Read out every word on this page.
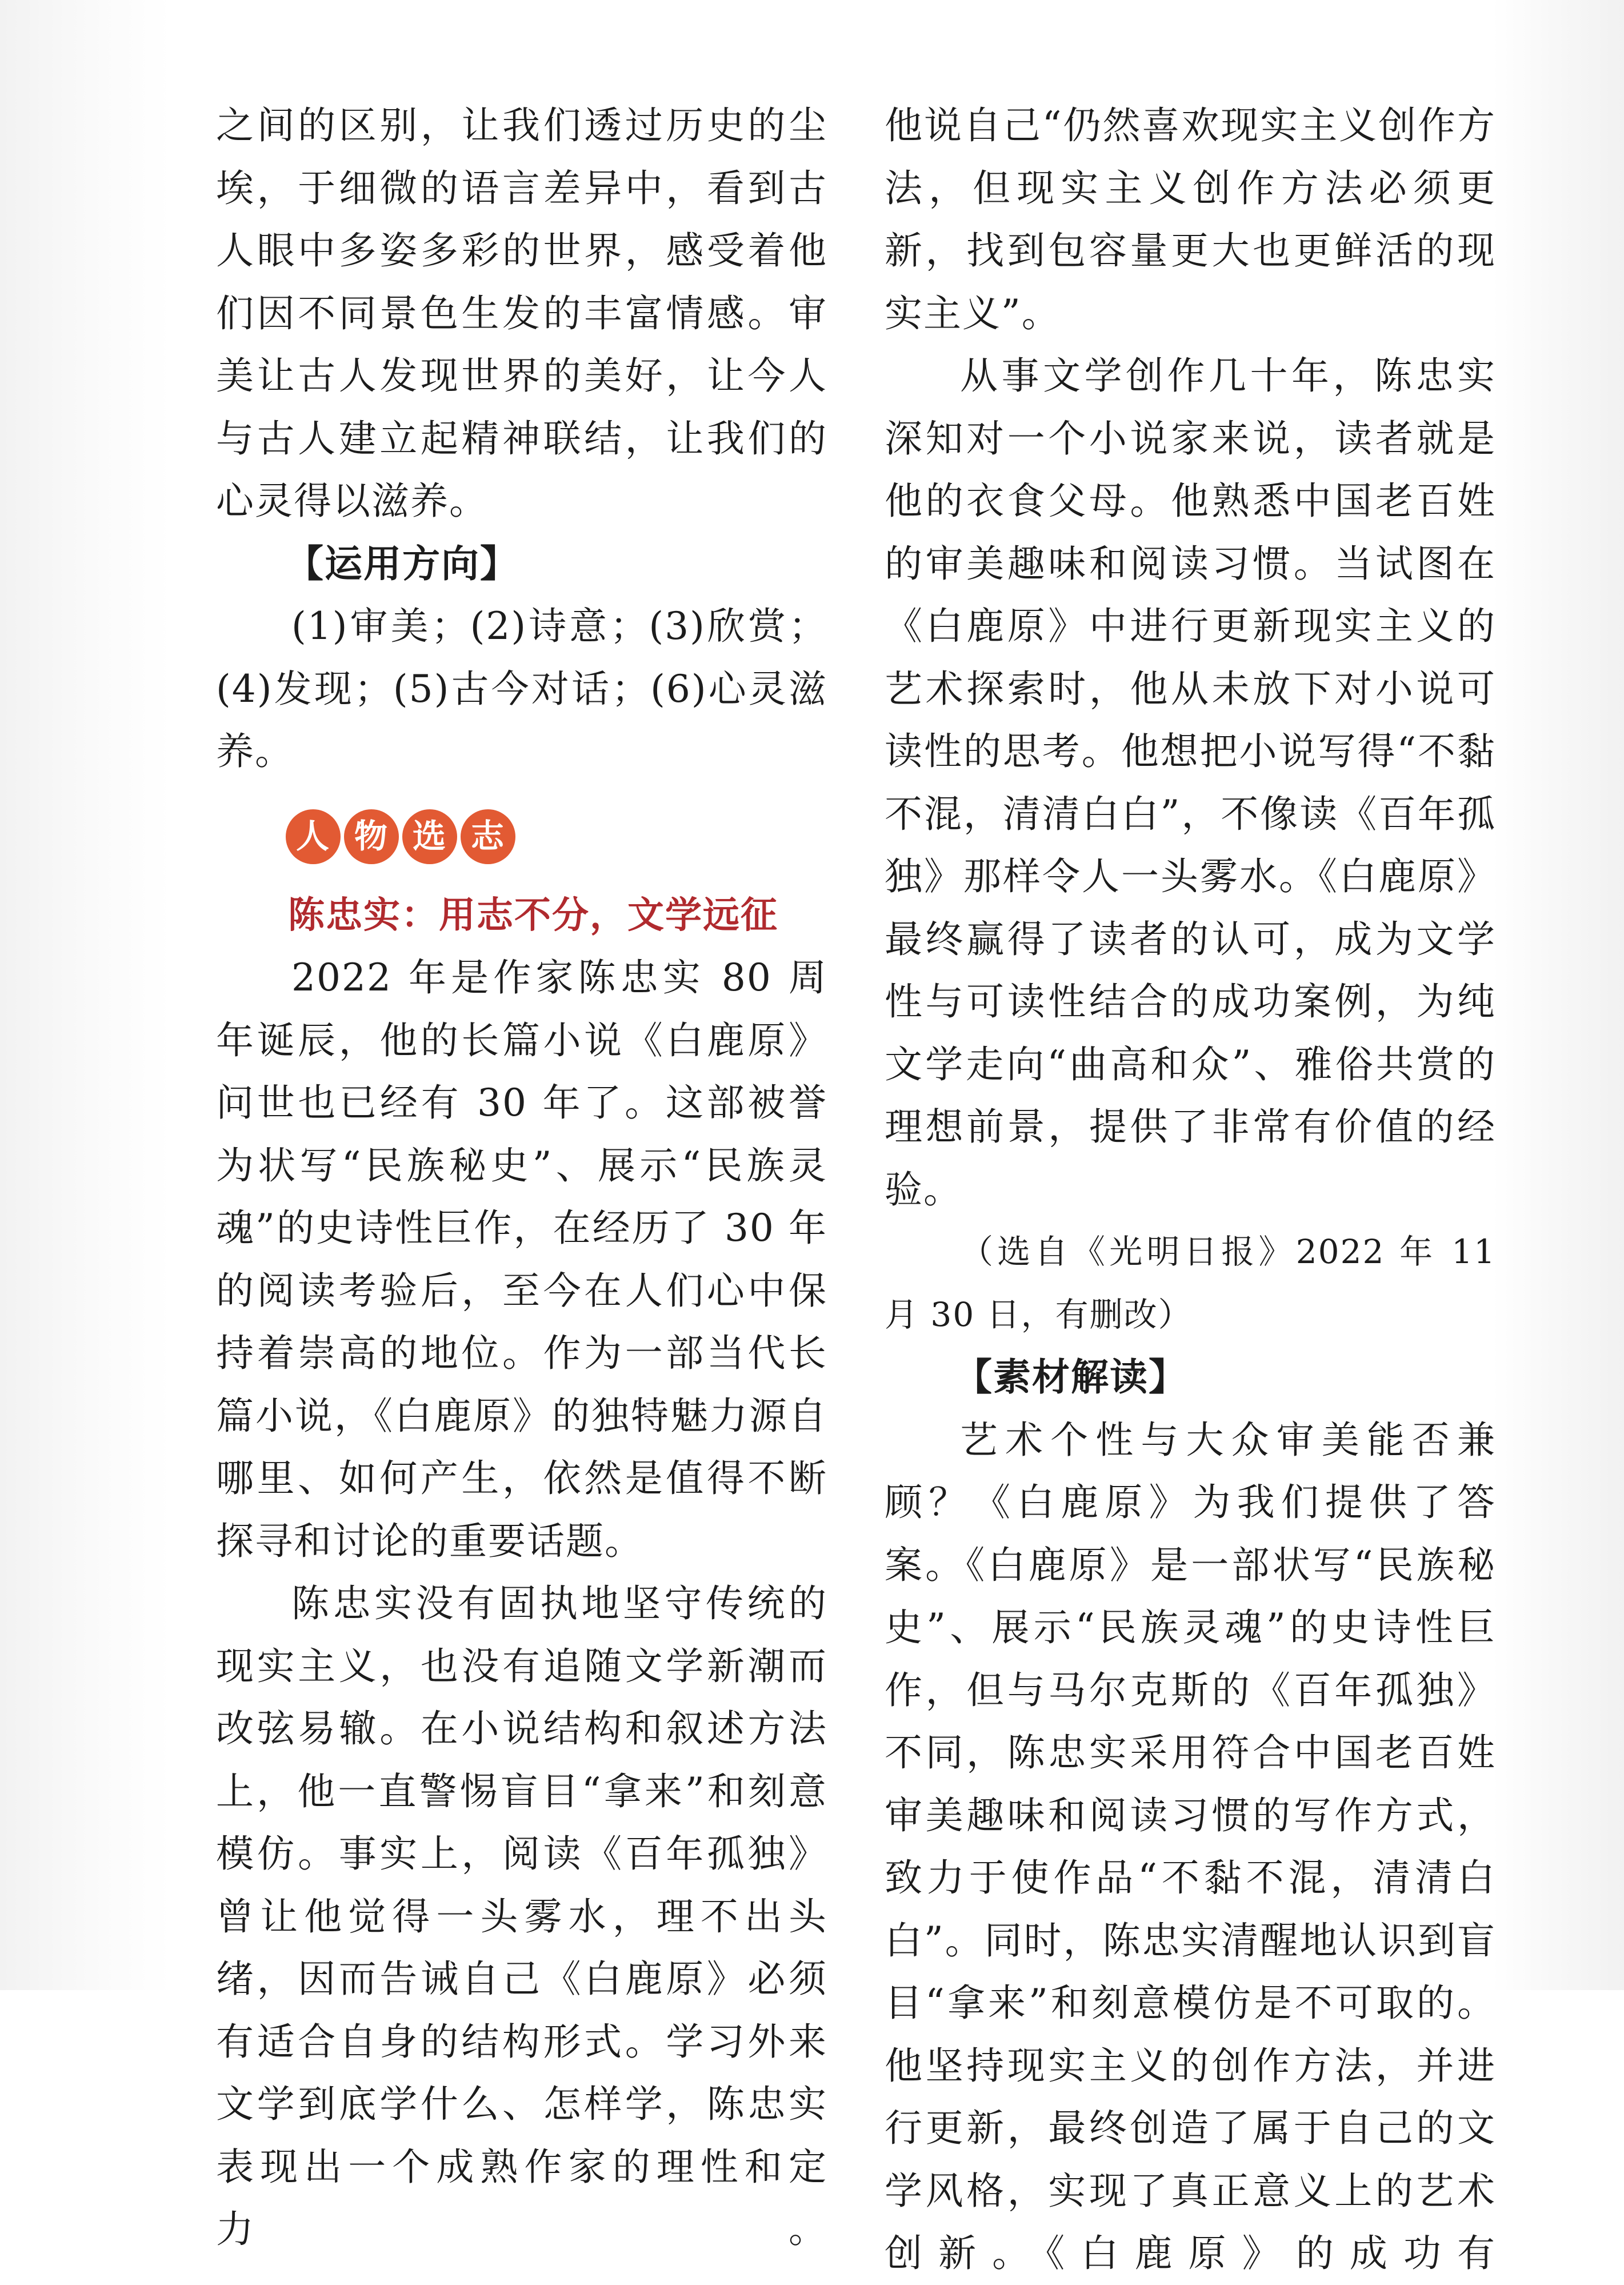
之间的区别，让我们透过历史的尘埃，于细微的语言差异中，看到古人眼中多姿多彩的世界，感受着他们因不同景色生发的丰富情感。审美让古人发现世界的美好，让今人与古人建立起精神联结，让我们的心灵得以滋养。

【运用方向】

(1)审美；(2)诗意；(3)欣赏；(4)发现；(5)古今对话；(6)心灵滋养。

人 物 选 志

陈忠实：用志不分，文学远征

2022 年是作家陈忠实 80 周年诞辰，他的长篇小说《白鹿原》问世也已经有 30 年了。这部被誉为状写“民族秘史”、展示“民族灵魂”的史诗性巨作，在经历了 30 年的阅读考验后，至今在人们心中保持着崇高的地位。作为一部当代长篇小说，《白鹿原》的独特魅力源自哪里、如何产生，依然是值得不断探寻和讨论的重要话题。

陈忠实没有固执地坚守传统的现实主义，也没有追随文学新潮而改弦易辙。在小说结构和叙述方法上，他一直警惕盲目“拿来”和刻意模仿。事实上，阅读《百年孤独》曾让他觉得一头雾水，理不出头绪，因而告诫自己《白鹿原》必须有适合自身的结构形式。学习外来文学到底学什么、怎样学，陈忠实表现出一个成熟作家的理性和定力。

他说自己“仍然喜欢现实主义创作方法，但现实主义创作方法必须更新，找到包容量更大也更鲜活的现实主义”。

从事文学创作几十年，陈忠实深知对一个小说家来说，读者就是他的衣食父母。他熟悉中国老百姓的审美趣味和阅读习惯。当试图在《白鹿原》中进行更新现实主义的艺术探索时，他从未放下对小说可读性的思考。他想把小说写得“不黏不混，清清白白”，不像读《百年孤独》那样令人一头雾水。《白鹿原》最终赢得了读者的认可，成为文学性与可读性结合的成功案例，为纯文学走向“曲高和众”、雅俗共赏的理想前景，提供了非常有价值的经验。

（选自《光明日报》2022 年 11 月 30 日，有删改）

【素材解读】

艺术个性与大众审美能否兼顾？《白鹿原》为我们提供了答案。《白鹿原》是一部状写“民族秘史”、展示“民族灵魂”的史诗性巨作，但与马尔克斯的《百年孤独》不同，陈忠实采用符合中国老百姓审美趣味和阅读习惯的写作方式，致力于使作品“不黏不混，清清白白”。同时，陈忠实清醒地认识到盲目“拿来”和刻意模仿是不可取的。他坚持现实主义的创作方法，并进行更新，最终创造了属于自己的文学风格，实现了真正意义上的艺术创新。《白鹿原》的成功有
